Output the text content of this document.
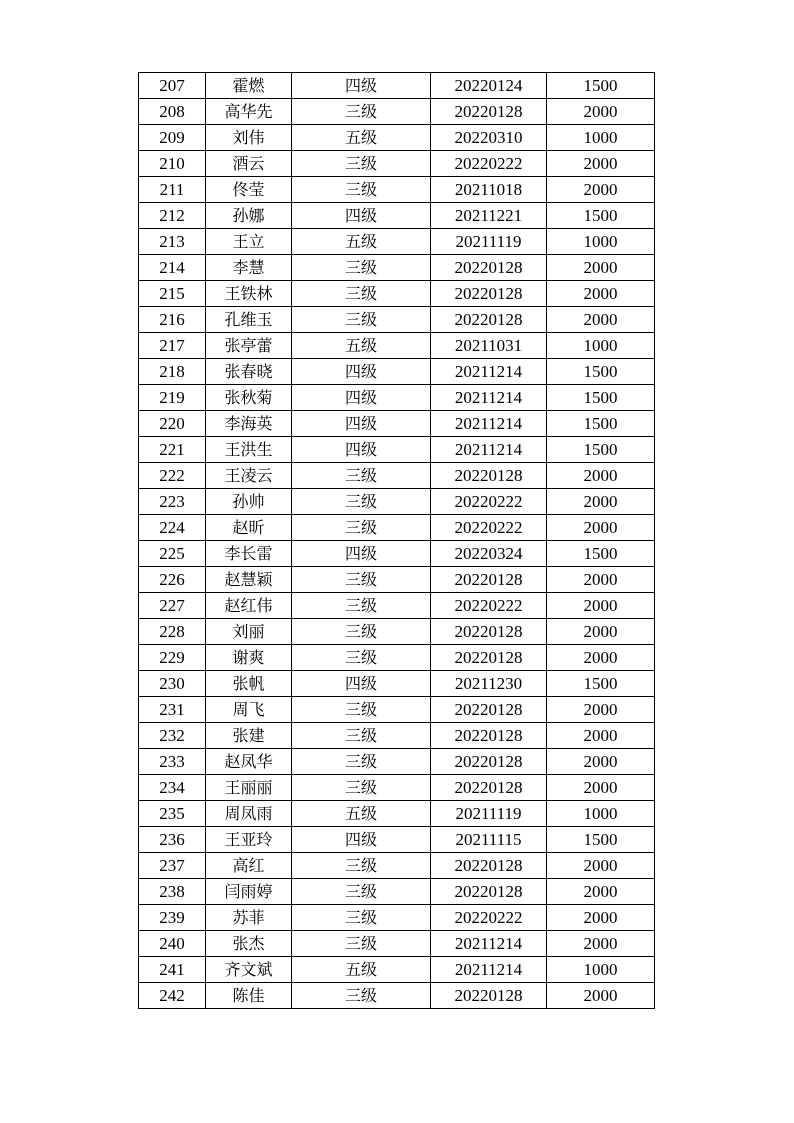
207	霍燃	四级	20220124	1500
208	高华先	三级	20220128	2000
209	刘伟	五级	20220310	1000
210	酒云	三级	20220222	2000
211	佟莹	三级	20211018	2000
212	孙娜	四级	20211221	1500
213	王立	五级	20211119	1000
214	李慧	三级	20220128	2000
215	王铁林	三级	20220128	2000
216	孔维玉	三级	20220128	2000
217	张亭蕾	五级	20211031	1000
218	张春晓	四级	20211214	1500
219	张秋菊	四级	20211214	1500
220	李海英	四级	20211214	1500
221	王洪生	四级	20211214	1500
222	王凌云	三级	20220128	2000
223	孙帅	三级	20220222	2000
224	赵昕	三级	20220222	2000
225	李长雷	四级	20220324	1500
226	赵慧颖	三级	20220128	2000
227	赵红伟	三级	20220222	2000
228	刘丽	三级	20220128	2000
229	谢爽	三级	20220128	2000
230	张帆	四级	20211230	1500
231	周飞	三级	20220128	2000
232	张建	三级	20220128	2000
233	赵凤华	三级	20220128	2000
234	王丽丽	三级	20220128	2000
235	周凤雨	五级	20211119	1000
236	王亚玲	四级	20211115	1500
237	高红	三级	20220128	2000
238	闫雨婷	三级	20220128	2000
239	苏菲	三级	20220222	2000
240	张杰	三级	20211214	2000
241	齐文斌	五级	20211214	1000
242	陈佳	三级	20220128	2000
